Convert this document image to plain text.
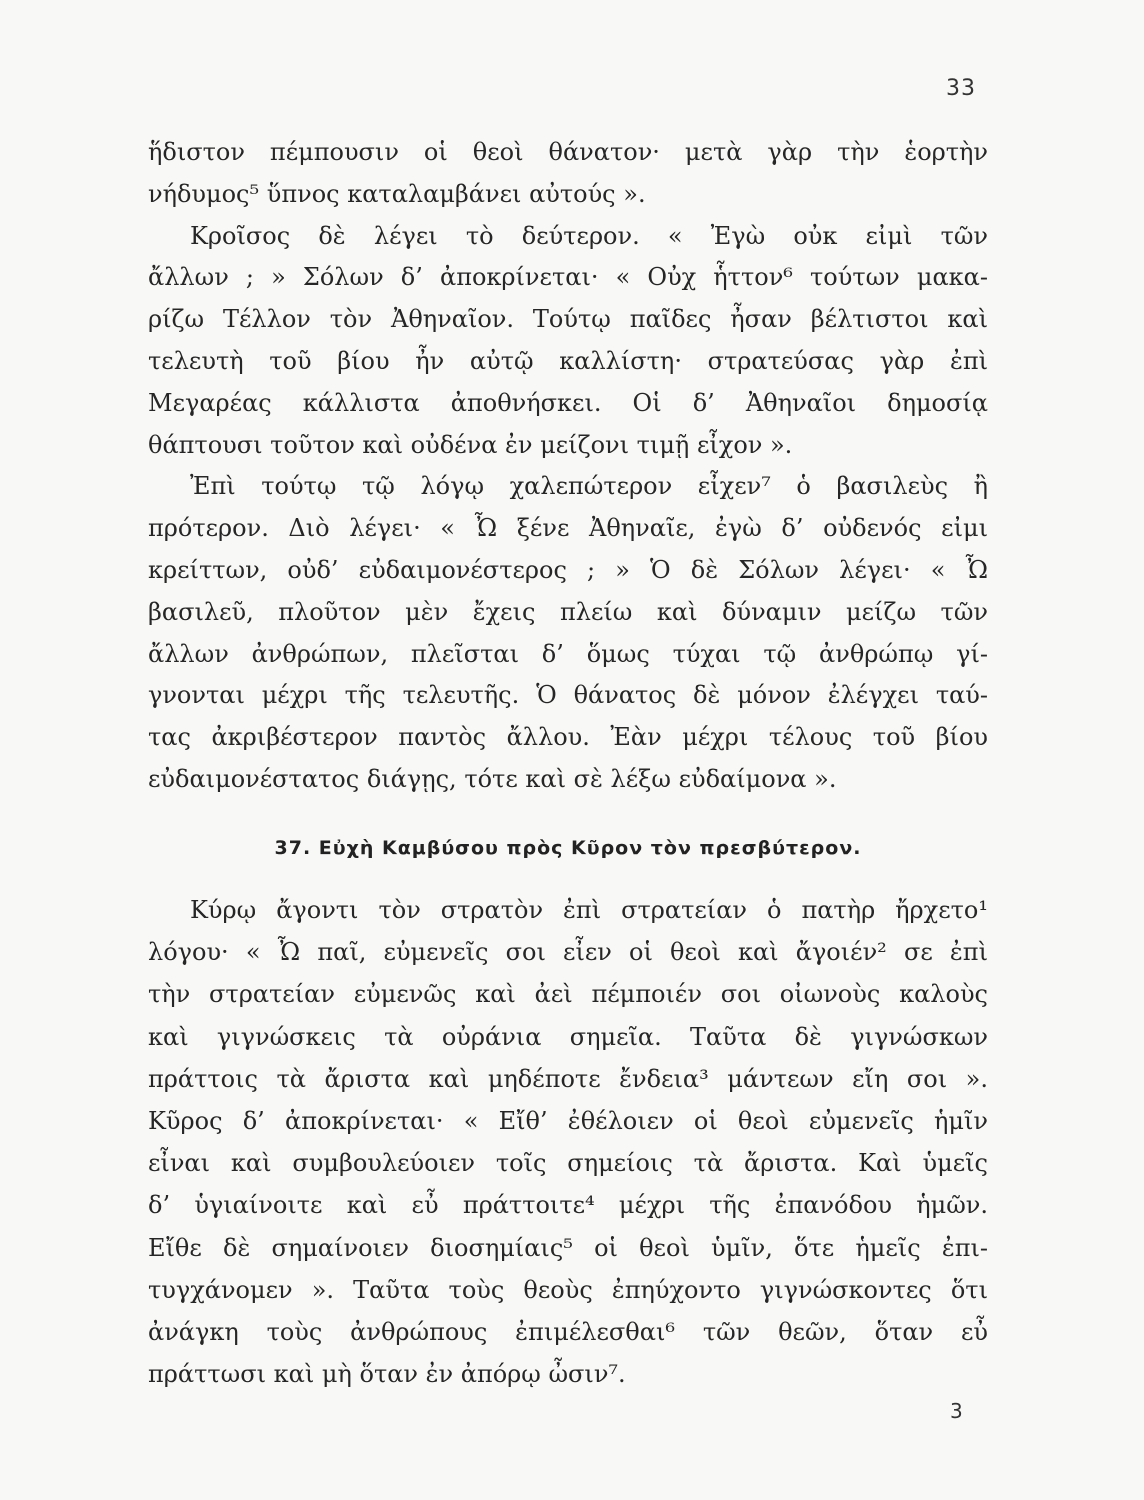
33
ἥδιστον πέμπουσιν οἱ θεοὶ θάνατον· μετὰ γὰρ τὴν ἑορτὴν
νήδυμος⁵ ὕπνος καταλαμβάνει αὐτούς ».
Κροῖσος δὲ λέγει τὸ δεύτερον. « Ἐγὼ οὐκ εἰμὶ τῶν
ἄλλων ; » Σόλων δ’ ἀποκρίνεται· « Οὐχ ἧττον⁶ τούτων μακα-
ρίζω Τέλλον τὸν Ἀθηναῖον. Τούτῳ παῖδες ἦσαν βέλτιστοι καὶ
τελευτὴ τοῦ βίου ἦν αὐτῷ καλλίστη· στρατεύσας γὰρ ἐπὶ
Μεγαρέας κάλλιστα ἀποθνήσκει. Οἱ δ’ Ἀθηναῖοι δημοσίᾳ
θάπτουσι τοῦτον καὶ οὐδένα ἐν μείζονι τιμῇ εἶχον ».
Ἐπὶ τούτῳ τῷ λόγῳ χαλεπώτερον εἶχεν⁷ ὁ βασιλεὺς ἢ
πρότερον. Διὸ λέγει· « Ὦ ξένε Ἀθηναῖε, ἐγὼ δ’ οὐδενός εἰμι
κρείττων, οὐδ’ εὐδαιμονέστερος ; » Ὁ δὲ Σόλων λέγει· « Ὦ
βασιλεῦ, πλοῦτον μὲν ἔχεις πλείω καὶ δύναμιν μείζω τῶν
ἄλλων ἀνθρώπων, πλεῖσται δ’ ὅμως τύχαι τῷ ἀνθρώπῳ γί-
γνονται μέχρι τῆς τελευτῆς. Ὁ θάνατος δὲ μόνον ἐλέγχει ταύ-
τας ἀκριβέστερον παντὸς ἄλλου. Ἐὰν μέχρι τέλους τοῦ βίου
εὐδαιμονέστατος διάγῃς, τότε καὶ σὲ λέξω εὐδαίμονα ».
37. Εὐχὴ Καμβύσου πρὸς Κῦρον τὸν πρεσβύτερον.
Κύρῳ ἄγοντι τὸν στρατὸν ἐπὶ στρατείαν ὁ πατὴρ ἤρχετο¹
λόγου· « Ὦ παῖ, εὐμενεῖς σοι εἶεν οἱ θεοὶ καὶ ἄγοιέν² σε ἐπὶ
τὴν στρατείαν εὐμενῶς καὶ ἀεὶ πέμποιέν σοι οἰωνοὺς καλοὺς
καὶ γιγνώσκεις τὰ οὐράνια σημεῖα. Ταῦτα δὲ γιγνώσκων
πράττοις τὰ ἄριστα καὶ μηδέποτε ἔνδεια³ μάντεων εἴη σοι ».
Κῦρος δ’ ἀποκρίνεται· « Εἴθ’ ἐθέλοιεν οἱ θεοὶ εὐμενεῖς ἡμῖν
εἶναι καὶ συμβουλεύοιεν τοῖς σημείοις τὰ ἄριστα. Καὶ ὑμεῖς
δ’ ὑγιαίνοιτε καὶ εὖ πράττοιτε⁴ μέχρι τῆς ἐπανόδου ἡμῶν.
Εἴθε δὲ σημαίνοιεν διοσημίαις⁵ οἱ θεοὶ ὑμῖν, ὅτε ἡμεῖς ἐπι-
τυγχάνομεν ». Ταῦτα τοὺς θεοὺς ἐπηύχοντο γιγνώσκοντες ὅτι
ἀνάγκη τοὺς ἀνθρώπους ἐπιμέλεσθαι⁶ τῶν θεῶν, ὅταν εὖ
πράττωσι καὶ μὴ ὅταν ἐν ἀπόρῳ ὦσιν⁷.
3
